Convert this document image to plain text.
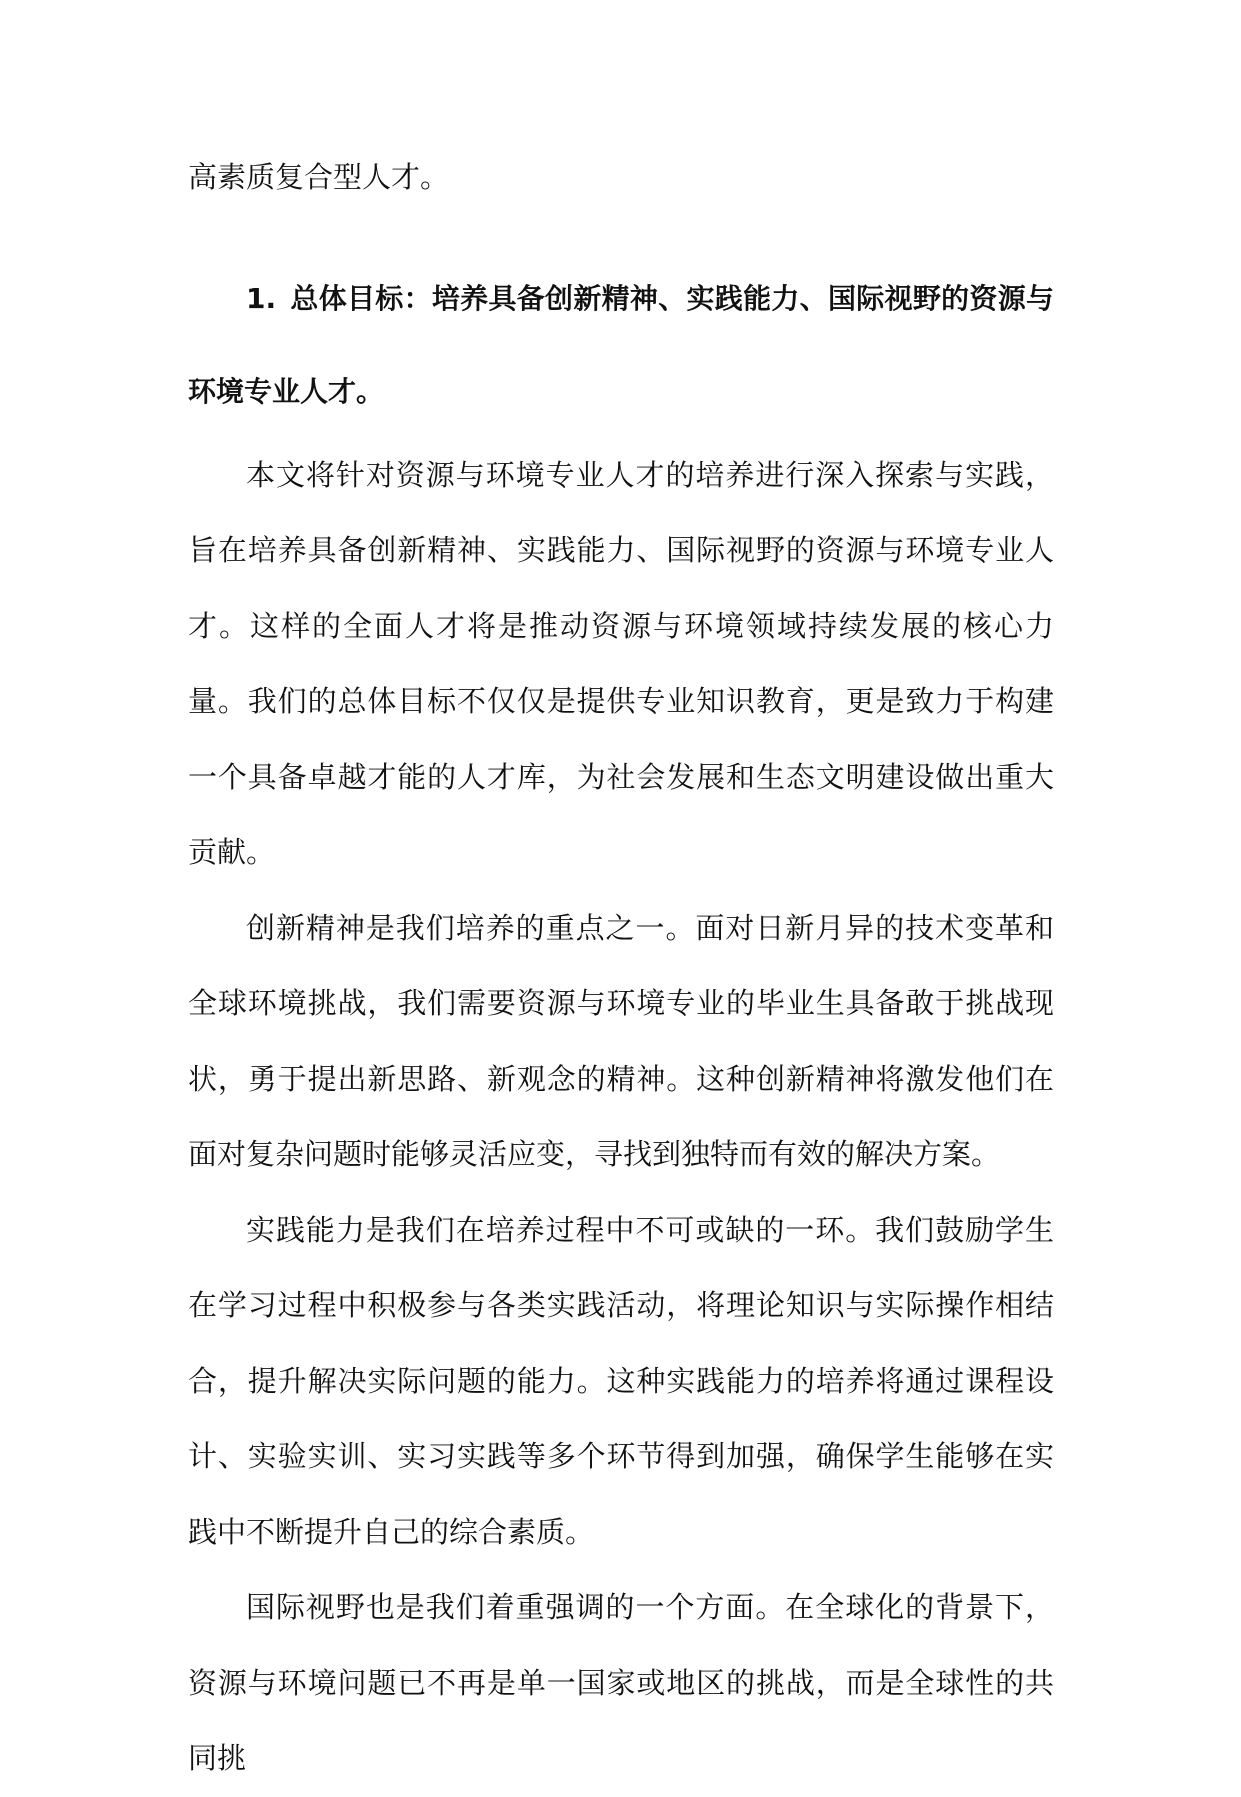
高素质复合型人才。

1. 总体目标：培养具备创新精神、实践能力、国际视野的资源与环境专业人才。

本文将针对资源与环境专业人才的培养进行深入探索与实践，旨在培养具备创新精神、实践能力、国际视野的资源与环境专业人才。这样的全面人才将是推动资源与环境领域持续发展的核心力量。我们的总体目标不仅仅是提供专业知识教育，更是致力于构建一个具备卓越才能的人才库，为社会发展和生态文明建设做出重大贡献。

创新精神是我们培养的重点之一。面对日新月异的技术变革和全球环境挑战，我们需要资源与环境专业的毕业生具备敢于挑战现状，勇于提出新思路、新观念的精神。这种创新精神将激发他们在面对复杂问题时能够灵活应变，寻找到独特而有效的解决方案。

实践能力是我们在培养过程中不可或缺的一环。我们鼓励学生在学习过程中积极参与各类实践活动，将理论知识与实际操作相结合，提升解决实际问题的能力。这种实践能力的培养将通过课程设计、实验实训、实习实践等多个环节得到加强，确保学生能够在实践中不断提升自己的综合素质。

国际视野也是我们着重强调的一个方面。在全球化的背景下，资源与环境问题已不再是单一国家或地区的挑战，而是全球性的共同挑
